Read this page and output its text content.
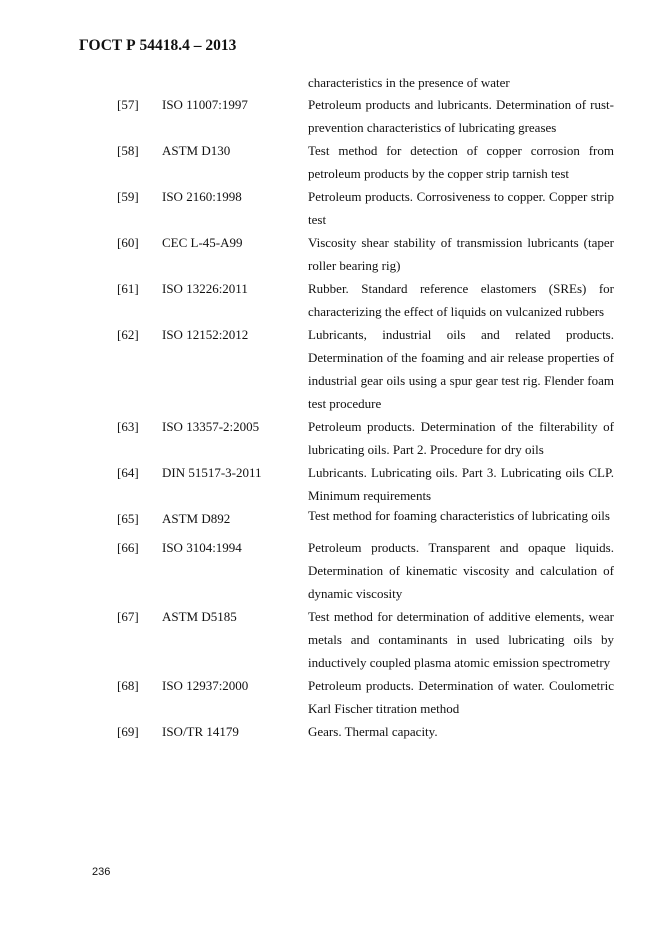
ГОСТ Р 54418.4 – 2013
characteristics in the presence of water
[57]	ISO 11007:1997	Petroleum products and lubricants. Determination of rust-prevention characteristics of lubricating greases
[58]	ASTM D130	Test method for detection of copper corrosion from petroleum products by the copper strip tarnish test
[59]	ISO 2160:1998	Petroleum products. Corrosiveness to copper. Copper strip test
[60]	CEC L-45-A99	Viscosity shear stability of transmission lubricants (taper roller bearing rig)
[61]	ISO 13226:2011	Rubber. Standard reference elastomers (SREs) for characterizing the effect of liquids on vulcanized rubbers
[62]	ISO 12152:2012	Lubricants, industrial oils and related products. Determination of the foaming and air release properties of industrial gear oils using a spur gear test rig. Flender foam test procedure
[63]	ISO 13357-2:2005	Petroleum products. Determination of the filterability of lubricating oils. Part 2. Procedure for dry oils
[64]	DIN 51517-3-2011	Lubricants. Lubricating oils. Part 3. Lubricating oils CLP. Minimum requirements
[65]	ASTM D892	Test method for foaming characteristics of lubricating oils
[66]	ISO 3104:1994	Petroleum products. Transparent and opaque liquids. Determination of kinematic viscosity and calculation of dynamic viscosity
[67]	ASTM D5185	Test method for determination of additive elements, wear metals and contaminants in used lubricating oils by inductively coupled plasma atomic emission spectrometry
[68]	ISO 12937:2000	Petroleum products. Determination of water. Coulometric Karl Fischer titration method
[69]	ISO/TR 14179	Gears. Thermal capacity.
236
